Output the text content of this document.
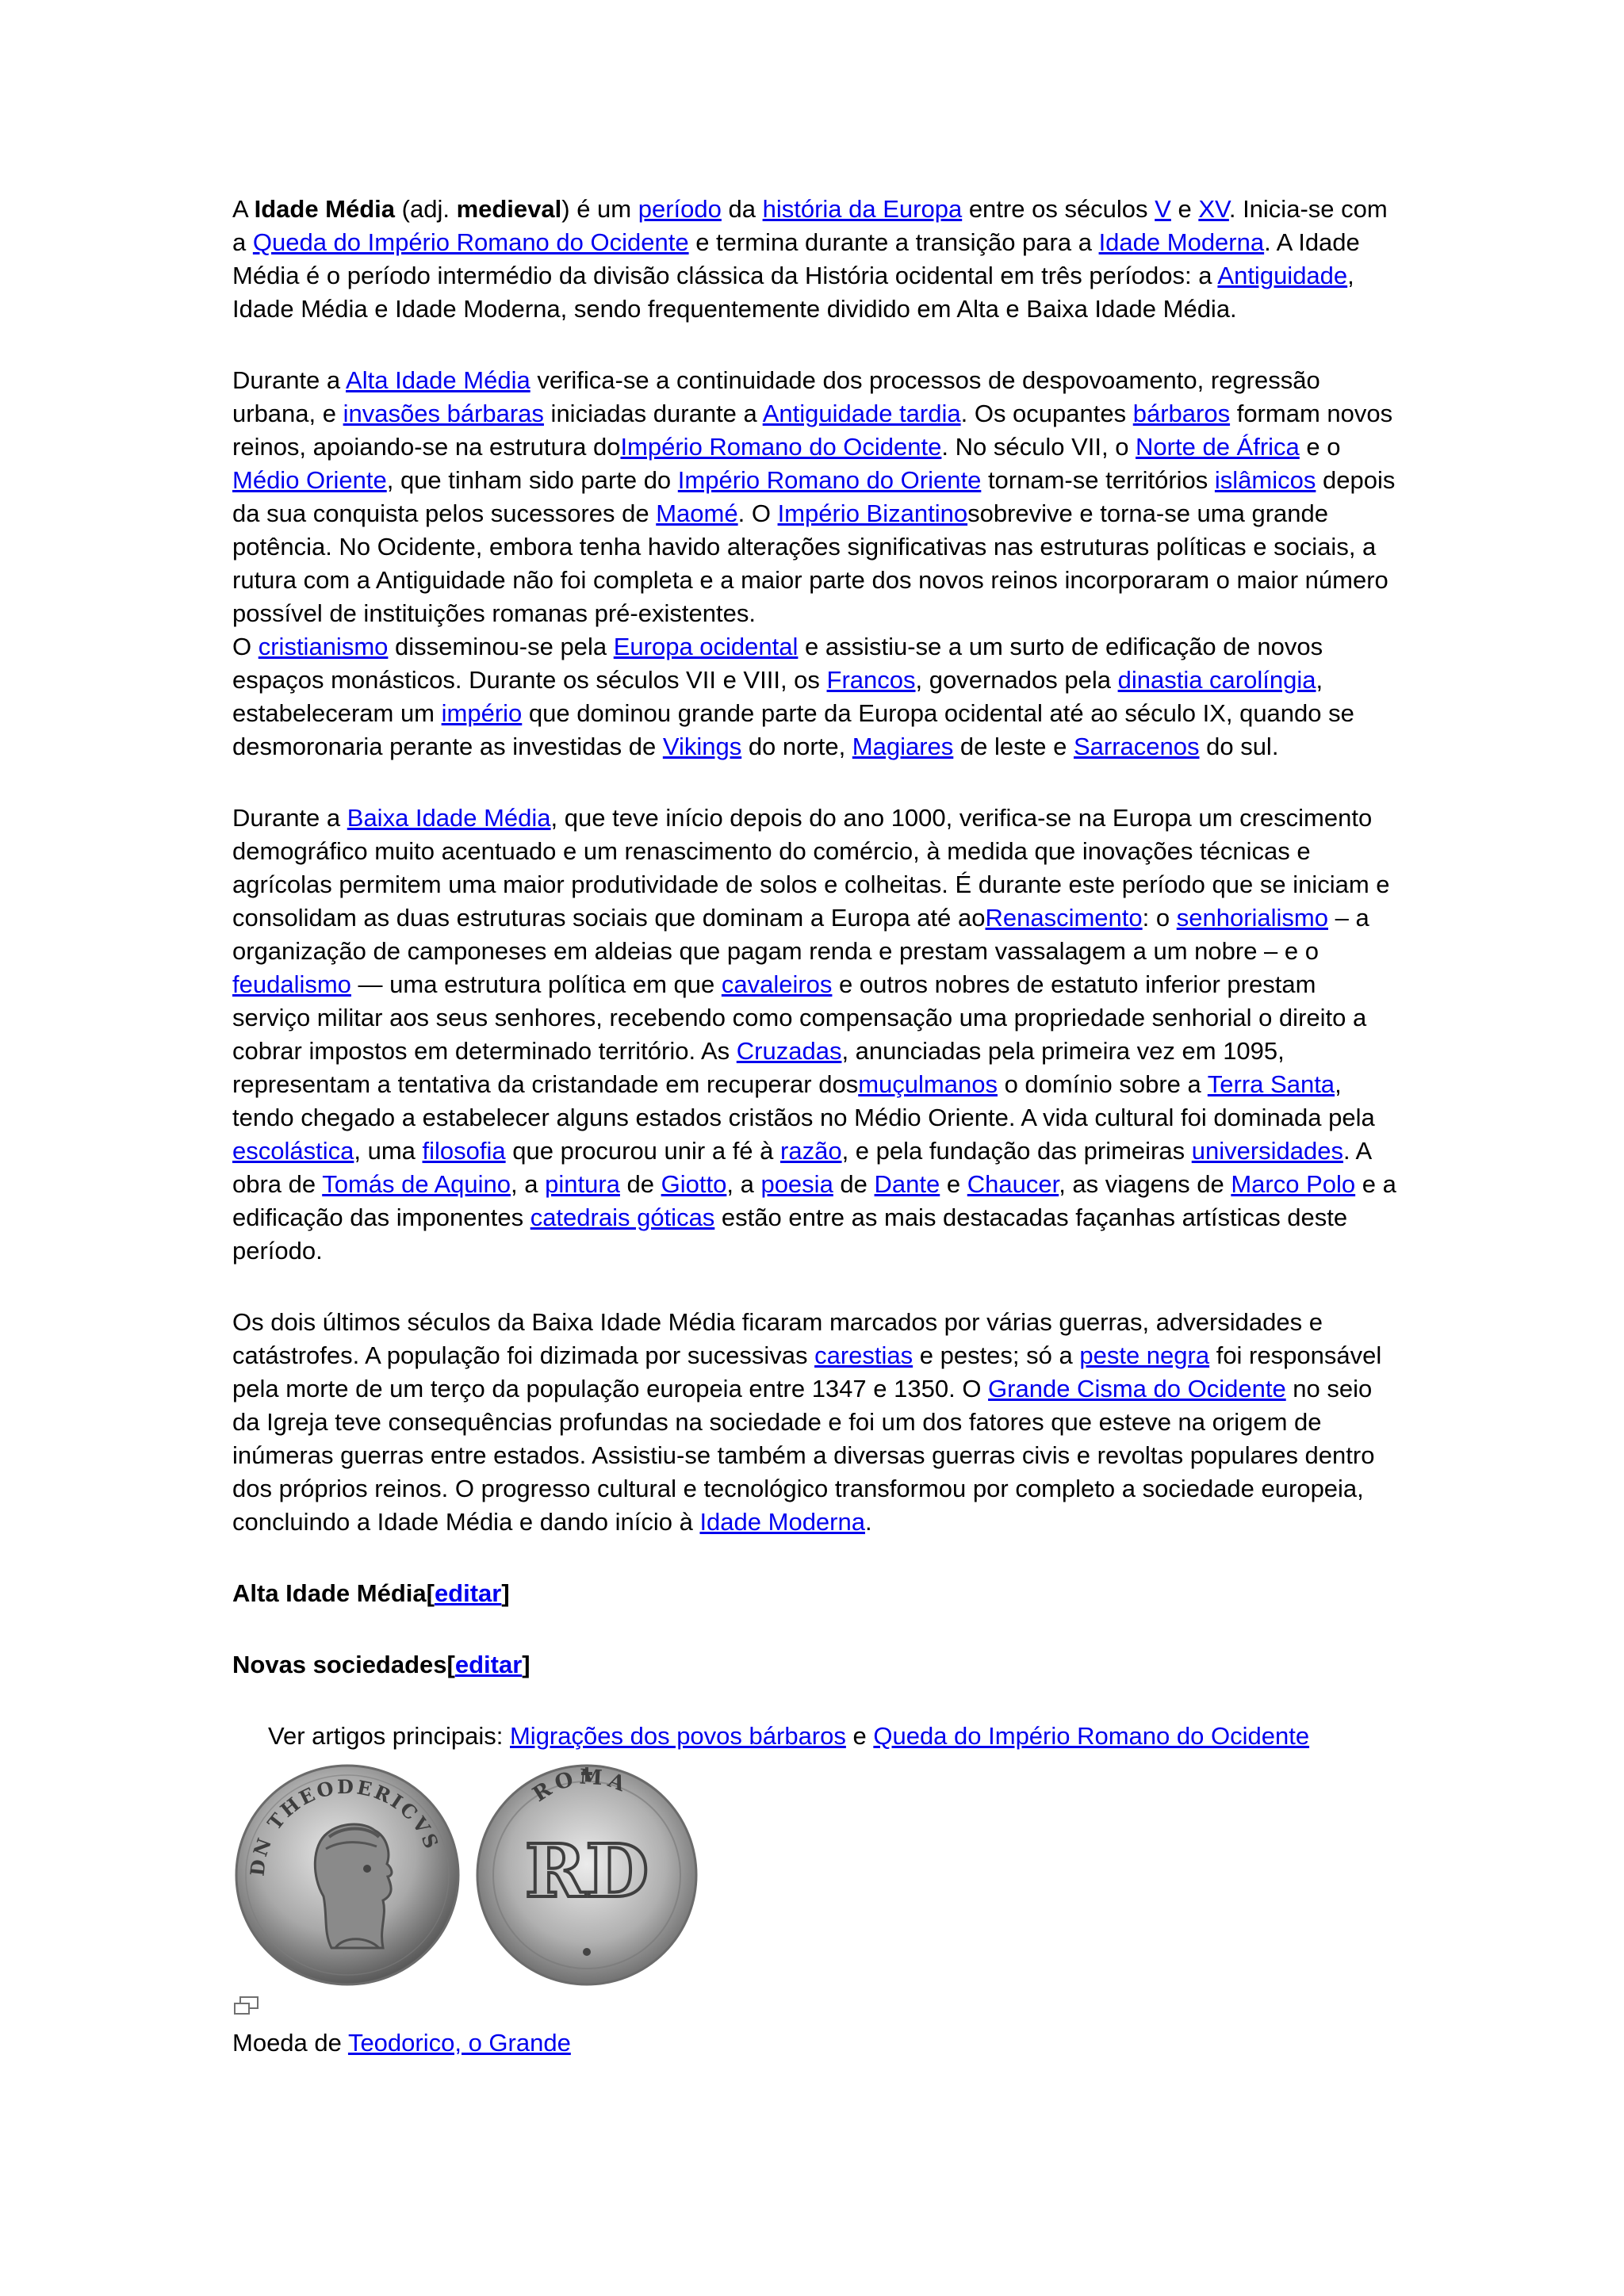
A Idade Média (adj. medieval) é um período da história da Europa entre os séculos V e XV. Inicia-se com a Queda do Império Romano do Ocidente e termina durante a transição para a Idade Moderna. A Idade Média é o período intermédio da divisão clássica da História ocidental em três períodos: a Antiguidade, Idade Média e Idade Moderna, sendo frequentemente dividido em Alta e Baixa Idade Média.

Durante a Alta Idade Média verifica-se a continuidade dos processos de despovoamento, regressão urbana, e invasões bárbaras iniciadas durante a Antiguidade tardia. Os ocupantes bárbaros formam novos reinos, apoiando-se na estrutura doImpério Romano do Ocidente. No século VII, o Norte de África e o Médio Oriente, que tinham sido parte do Império Romano do Oriente tornam-se territórios islâmicos depois da sua conquista pelos sucessores de Maomé. O Império Bizantinosobrevive e torna-se uma grande potência. No Ocidente, embora tenha havido alterações significativas nas estruturas políticas e sociais, a rutura com a Antiguidade não foi completa e a maior parte dos novos reinos incorporaram o maior número possível de instituições romanas pré-existentes.

O cristianismo disseminou-se pela Europa ocidental e assistiu-se a um surto de edificação de novos espaços monásticos. Durante os séculos VII e VIII, os Francos, governados pela dinastia carolíngia, estabeleceram um império que dominou grande parte da Europa ocidental até ao século IX, quando se desmoronaria perante as investidas de Vikings do norte, Magiares de leste e Sarracenos do sul.

Durante a Baixa Idade Média, que teve início depois do ano 1000, verifica-se na Europa um crescimento demográfico muito acentuado e um renascimento do comércio, à medida que inovações técnicas e agrícolas permitem uma maior produtividade de solos e colheitas. É durante este período que se iniciam e consolidam as duas estruturas sociais que dominam a Europa até aoRenascimento: o senhorialismo – a organização de camponeses em aldeias que pagam renda e prestam vassalagem a um nobre – e o feudalismo — uma estrutura política em que cavaleiros e outros nobres de estatuto inferior prestam serviço militar aos seus senhores, recebendo como compensação uma propriedade senhorial o direito a cobrar impostos em determinado território. As Cruzadas, anunciadas pela primeira vez em 1095, representam a tentativa da cristandade em recuperar dosmuçulmanos o domínio sobre a Terra Santa, tendo chegado a estabelecer alguns estados cristãos no Médio Oriente. A vida cultural foi dominada pela escolástica, uma filosofia que procurou unir a fé à razão, e pela fundação das primeiras universidades. A obra de Tomás de Aquino, a pintura de Giotto, a poesia de Dante e Chaucer, as viagens de Marco Polo e a edificação das imponentes catedrais góticas estão entre as mais destacadas façanhas artísticas deste período.

Os dois últimos séculos da Baixa Idade Média ficaram marcados por várias guerras, adversidades e catástrofes. A população foi dizimada por sucessivas carestias e pestes; só a peste negra foi responsável pela morte de um terço da população europeia entre 1347 e 1350. O Grande Cisma do Ocidente no seio da Igreja teve consequências profundas na sociedade e foi um dos fatores que esteve na origem de inúmeras guerras entre estados. Assistiu-se também a diversas guerras civis e revoltas populares dentro dos próprios reinos. O progresso cultural e tecnológico transformou por completo a sociedade europeia, concluindo a Idade Média e dando início à Idade Moderna.

Alta Idade Média[editar]

Novas sociedades[editar]

Ver artigos principais: Migrações dos povos bárbaros e Queda do Império Romano do Ocidente

DN THEODERICVS
ROMA
RD

Moeda de Teodorico, o Grande
